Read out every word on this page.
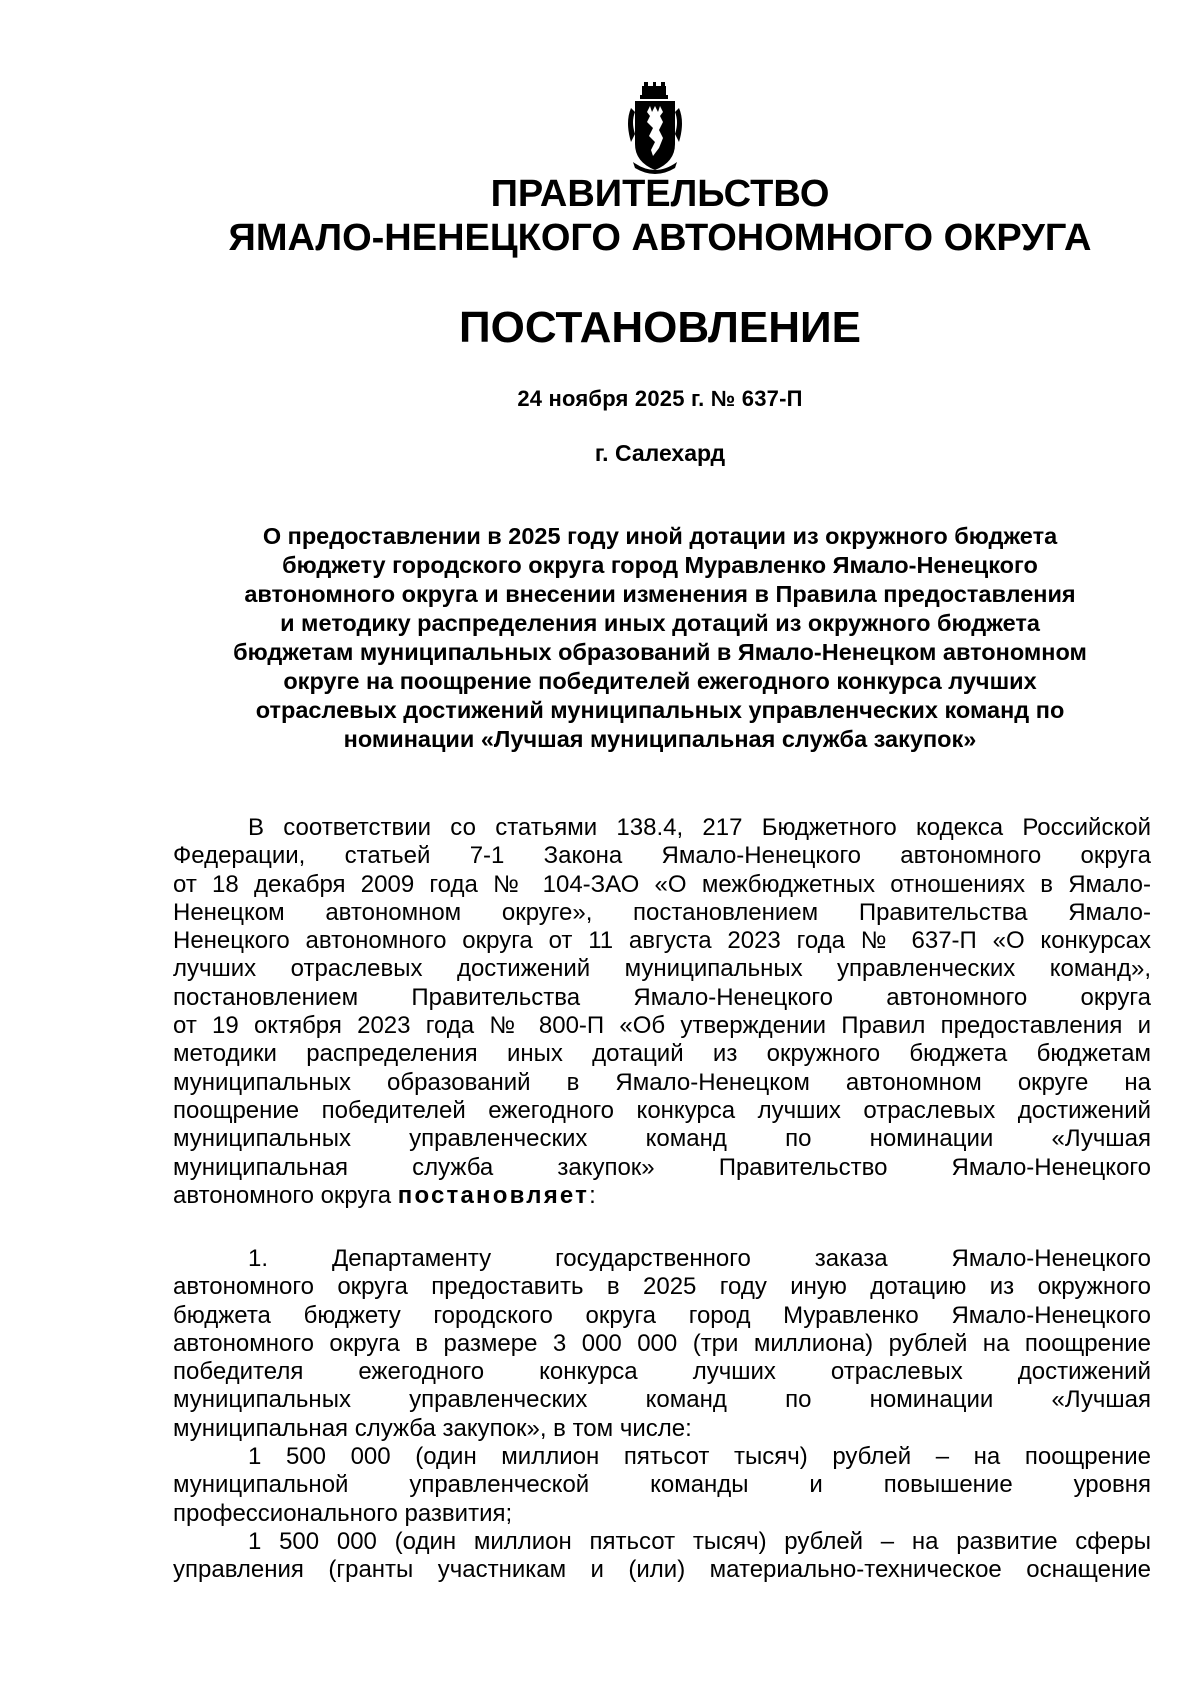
ПРАВИТЕЛЬСТВО
ЯМАЛО-НЕНЕЦКОГО АВТОНОМНОГО ОКРУГА
ПОСТАНОВЛЕНИЕ
24 ноября 2025 г. № 637-П
г. Салехард
О предоставлении в 2025 году иной дотации из окружного бюджета
бюджету городского округа город Муравленко Ямало-Ненецкого
автономного округа и внесении изменения в Правила предоставления
и методику распределения иных дотаций из окружного бюджета
бюджетам муниципальных образований в Ямало-Ненецком автономном
округе на поощрение победителей ежегодного конкурса лучших
отраслевых достижений муниципальных управленческих команд по
номинации «Лучшая муниципальная служба закупок»
В соответствии со статьями 138.4, 217 Бюджетного кодекса Российской
Федерации, статьей 7-1 Закона Ямало-Ненецкого автономного округа
от 18 декабря 2009 года № 104-ЗАО «О межбюджетных отношениях в Ямало-
Ненецком автономном округе», постановлением Правительства Ямало-
Ненецкого автономного округа от 11 августа 2023 года № 637-П «О конкурсах
лучших отраслевых достижений муниципальных управленческих команд»,
постановлением Правительства Ямало-Ненецкого автономного округа
от 19 октября 2023 года № 800-П «Об утверждении Правил предоставления и
методики распределения иных дотаций из окружного бюджета бюджетам
муниципальных образований в Ямало-Ненецком автономном округе на
поощрение победителей ежегодного конкурса лучших отраслевых достижений
муниципальных управленческих команд по номинации «Лучшая
муниципальная служба закупок» Правительство Ямало-Ненецкого
автономного округа постановляет:
1. Департаменту государственного заказа Ямало-Ненецкого
автономного округа предоставить в 2025 году иную дотацию из окружного
бюджета бюджету городского округа город Муравленко Ямало-Ненецкого
автономного округа в размере 3 000 000 (три миллиона) рублей на поощрение
победителя ежегодного конкурса лучших отраслевых достижений
муниципальных управленческих команд по номинации «Лучшая
муниципальная служба закупок», в том числе:
1 500 000 (один миллион пятьсот тысяч) рублей – на поощрение
муниципальной управленческой команды и повышение уровня
профессионального развития;
1 500 000 (один миллион пятьсот тысяч) рублей – на развитие сферы
управления (гранты участникам и (или) материально-техническое оснащение
